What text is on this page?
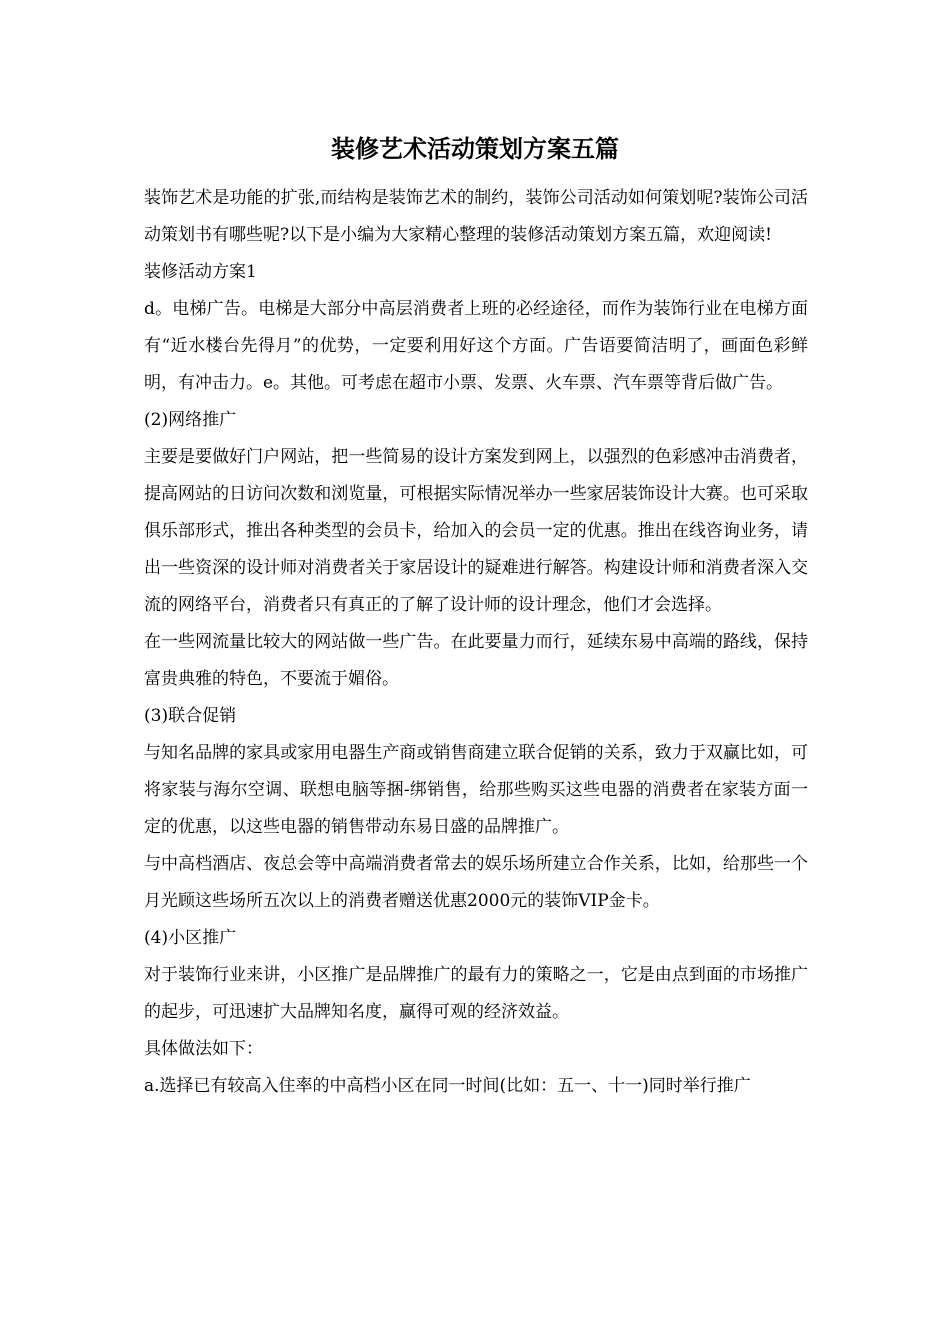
装修艺术活动策划方案五篇

装饰艺术是功能的扩张,而结构是装饰艺术的制约，装饰公司活动如何策划呢?装饰公司活动策划书有哪些呢?以下是小编为大家精心整理的装修活动策划方案五篇，欢迎阅读!

装修活动方案1

d。电梯广告。电梯是大部分中高层消费者上班的必经途径，而作为装饰行业在电梯方面有“近水楼台先得月”的优势，一定要利用好这个方面。广告语要简洁明了，画面色彩鲜明，有冲击力。e。其他。可考虑在超市小票、发票、火车票、汽车票等背后做广告。

(2)网络推广

主要是要做好门户网站，把一些简易的设计方案发到网上，以强烈的色彩感冲击消费者，提高网站的日访问次数和浏览量，可根据实际情况举办一些家居装饰设计大赛。也可采取俱乐部形式，推出各种类型的会员卡，给加入的会员一定的优惠。推出在线咨询业务，请出一些资深的设计师对消费者关于家居设计的疑难进行解答。构建设计师和消费者深入交流的网络平台，消费者只有真正的了解了设计师的设计理念，他们才会选择。

在一些网流量比较大的网站做一些广告。在此要量力而行，延续东易中高端的路线，保持富贵典雅的特色，不要流于媚俗。

(3)联合促销

与知名品牌的家具或家用电器生产商或销售商建立联合促销的关系，致力于双赢比如，可将家装与海尔空调、联想电脑等捆-绑销售，给那些购买这些电器的消费者在家装方面一定的优惠，以这些电器的销售带动东易日盛的品牌推广。

与中高档酒店、夜总会等中高端消费者常去的娱乐场所建立合作关系，比如，给那些一个月光顾这些场所五次以上的消费者赠送优惠2000元的装饰VIP金卡。

(4)小区推广

对于装饰行业来讲，小区推广是品牌推广的最有力的策略之一，它是由点到面的市场推广的起步，可迅速扩大品牌知名度，赢得可观的经济效益。

具体做法如下：

a.选择已有较高入住率的中高档小区在同一时间(比如：五一、十一)同时举行推广
